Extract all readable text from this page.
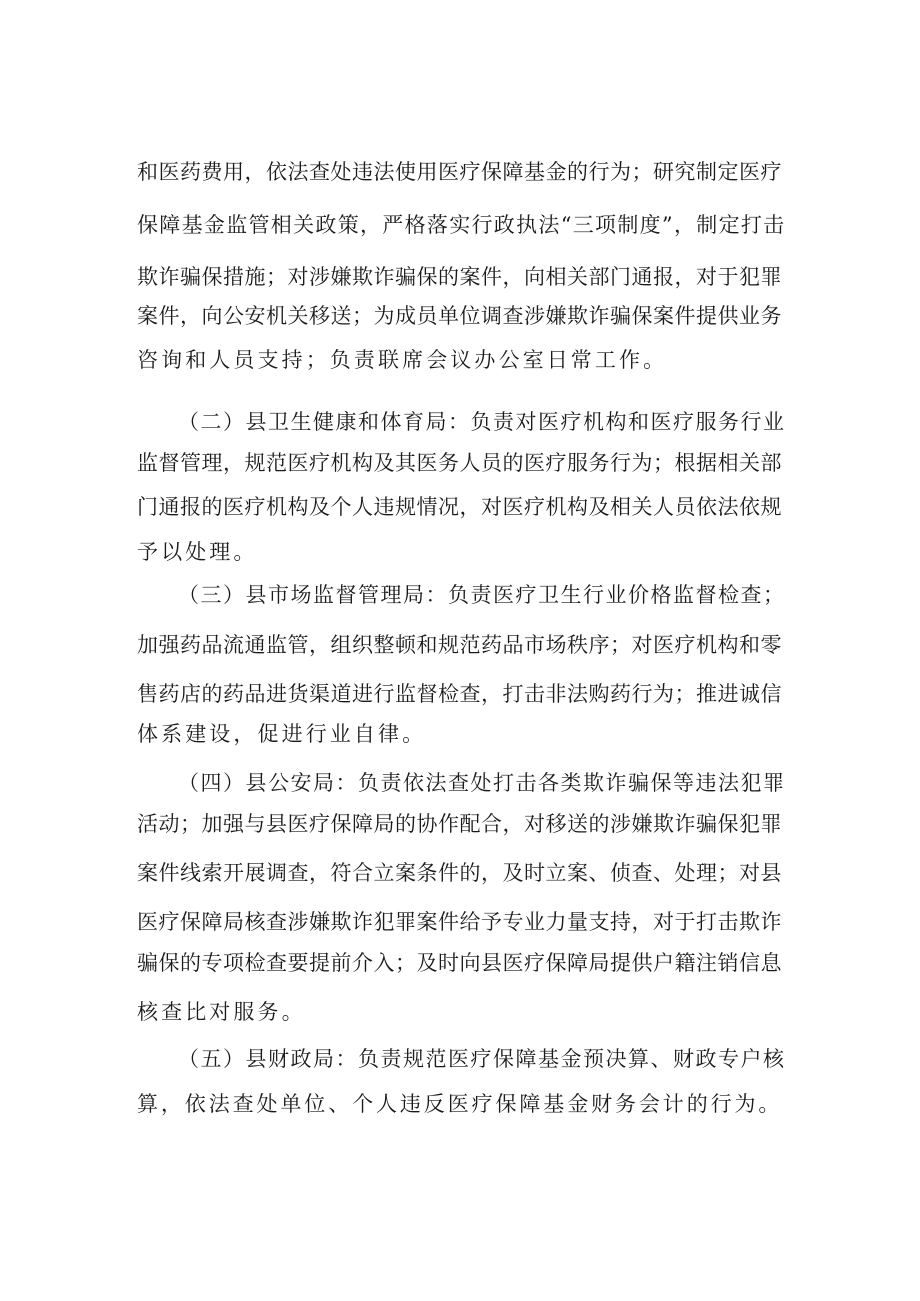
和医药费用，依法查处违法使用医疗保障基金的行为；研究制定医疗
保障基金监管相关政策，严格落实行政执法“三项制度”，制定打击
欺诈骗保措施；对涉嫌欺诈骗保的案件，向相关部门通报，对于犯罪
案件，向公安机关移送；为成员单位调查涉嫌欺诈骗保案件提供业务
咨询和人员支持；负责联席会议办公室日常工作。
（二）县卫生健康和体育局：负责对医疗机构和医疗服务行业
监督管理，规范医疗机构及其医务人员的医疗服务行为；根据相关部
门通报的医疗机构及个人违规情况，对医疗机构及相关人员依法依规
予以处理。
（三）县市场监督管理局：负责医疗卫生行业价格监督检查；
加强药品流通监管，组织整顿和规范药品市场秩序；对医疗机构和零
售药店的药品进货渠道进行监督检查，打击非法购药行为；推进诚信
体系建设，促进行业自律。
（四）县公安局：负责依法查处打击各类欺诈骗保等违法犯罪
活动；加强与县医疗保障局的协作配合，对移送的涉嫌欺诈骗保犯罪
案件线索开展调查，符合立案条件的，及时立案、侦查、处理；对县
医疗保障局核查涉嫌欺诈犯罪案件给予专业力量支持，对于打击欺诈
骗保的专项检查要提前介入；及时向县医疗保障局提供户籍注销信息
核查比对服务。
（五）县财政局：负责规范医疗保障基金预决算、财政专户核
算，依法查处单位、个人违反医疗保障基金财务会计的行为。
